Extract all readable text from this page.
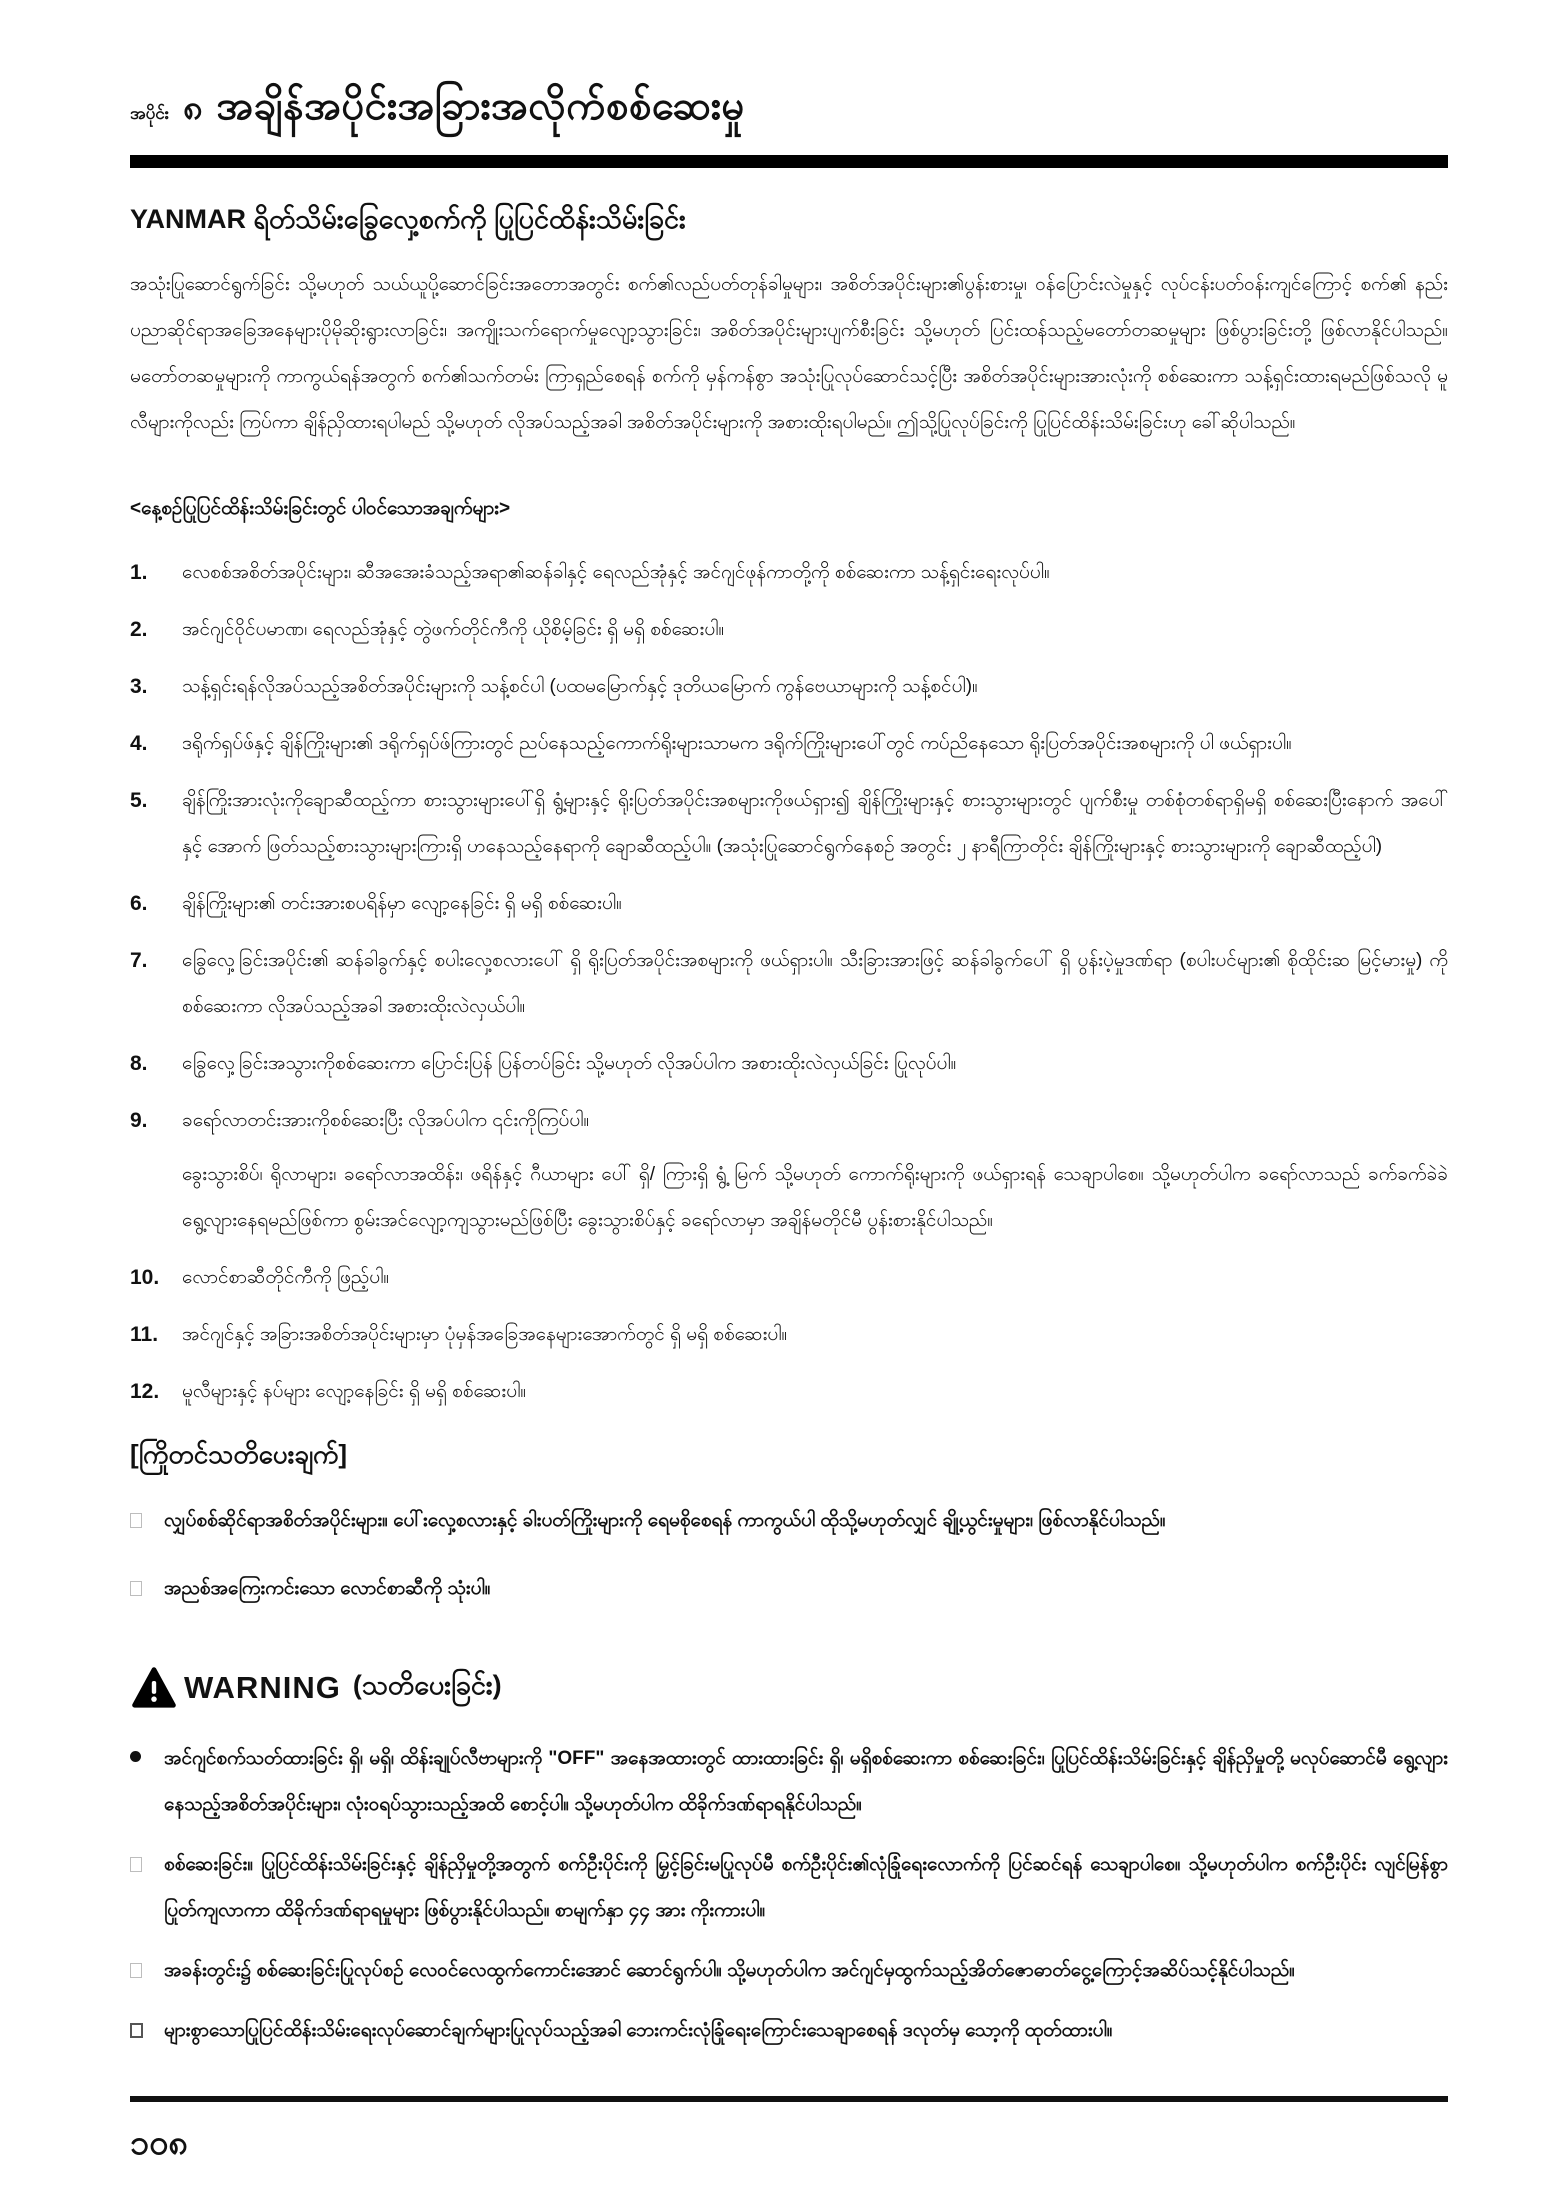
အပိုင်း ၈ အချိန်အပိုင်းအခြားအလိုက်စစ်ဆေးမှု
YANMAR ရိတ်သိမ်းခြွေလှေ့စက်ကို ပြုပြင်ထိန်းသိမ်းခြင်း

အသုံးပြုဆောင်ရွက်ခြင်း သို့မဟုတ် သယ်ယူပို့ဆောင်ခြင်းအတောအတွင်း စက်၏လည်ပတ်တုန်ခါမှုများ၊ အစိတ်အပိုင်းများ၏ပွန်းစားမှု၊ ဝန်ပြောင်းလဲမှုနှင့် လုပ်ငန်းပတ်ဝန်းကျင်ကြောင့် စက်၏ နည်းပညာဆိုင်ရာအခြေအနေများပိုမိုဆိုးရွားလာခြင်း၊ အကျိုးသက်ရောက်မှုလျော့သွားခြင်း၊ အစိတ်အပိုင်းများပျက်စီးခြင်း သို့မဟုတ် ပြင်းထန်သည့်မတော်တဆမှုများ ဖြစ်ပွားခြင်းတို့ ဖြစ်လာနိုင်ပါသည်။ မတော်တဆမှုများကို ကာကွယ်ရန်အတွက် စက်၏သက်တမ်း ကြာရှည်စေရန် စက်ကို မှန်ကန်စွာ အသုံးပြုလုပ်ဆောင်သင့်ပြီး အစိတ်အပိုင်းများအားလုံးကို စစ်ဆေးကာ သန့်ရှင်းထားရမည်ဖြစ်သလို မူလီများကိုလည်း ကြပ်ကာ ချိန်ညှိထားရပါမည် သို့မဟုတ် လိုအပ်သည့်အခါ အစိတ်အပိုင်းများကို အစားထိုးရပါမည်။ ဤသို့ပြုလုပ်ခြင်းကို ပြုပြင်ထိန်းသိမ်းခြင်းဟု ခေါ်ဆိုပါသည်။

<နေ့စဉ်ပြုပြင်ထိန်းသိမ်းခြင်းတွင် ပါဝင်သောအချက်များ>
1.	လေစစ်အစိတ်အပိုင်းများ၊ ဆီအအေးခံသည့်အရာ၏ဆန်ခါနှင့် ရေလည်အုံနှင့် အင်ဂျင်ဖုန်ကာတို့ကို စစ်ဆေးကာ သန့်ရှင်းရေးလုပ်ပါ။
2.	အင်ဂျင်ဝိုင်ပမာဏ၊ ရေလည်အုံနှင့် တွဲဖက်တိုင်ကီကို ယိုစိမ့်ခြင်း ရှိ မရှိ စစ်ဆေးပါ။
3.	သန့်ရှင်းရန်လိုအပ်သည့်အစိတ်အပိုင်းများကို သန့်စင်ပါ (ပထမမြောက်နှင့် ဒုတိယမြောက် ကွန်ဗေယာများကို သန့်စင်ပါ)။
4.	ဒရိုက်ရှပ်ဖ်နှင့် ချိန်ကြိုးများ၏ ဒရိုက်ရှပ်ဖ်ကြားတွင် ညပ်နေသည့်ကောက်ရိုးများသာမက ဒရိုက်ကြိုးများပေါ်တွင် ကပ်ညိနေသော ရိုးပြတ်အပိုင်းအစများကို ပါ ဖယ်ရှားပါ။
5.	ချိန်ကြိုးအားလုံးကိုချောဆီထည့်ကာ စားသွားများပေါ်ရှိ ရွံ့များနှင့် ရိုးပြတ်အပိုင်းအစများကိုဖယ်ရှား၍ ချိန်ကြိုးများနှင့် စားသွားများတွင် ပျက်စီးမှု တစ်စုံတစ်ရာရှိမရှိ စစ်ဆေးပြီးနောက် အပေါ်နှင့် အောက် ဖြတ်သည့်စားသွားများကြားရှိ ဟနေသည့်နေရာကို ချောဆီထည့်ပါ။ (အသုံးပြုဆောင်ရွက်နေစဉ် အတွင်း ၂ နာရီကြာတိုင်း ချိန်ကြိုးများနှင့် စားသွားများကို ချောဆီထည့်ပါ)
6.	ချိန်ကြိုးများ၏ တင်းအားစပရိန်မှာ လျော့နေခြင်း ရှိ မရှိ စစ်ဆေးပါ။
7.	ခြွေလှေ့ခြင်းအပိုင်း၏ ဆန်ခါခွက်နှင့် စပါးလှေ့စလားပေါ် ရှိ ရိုးပြတ်အပိုင်းအစများကို ဖယ်ရှားပါ။ သီးခြားအားဖြင့် ဆန်ခါခွက်ပေါ် ရှိ ပွန်းပဲ့မှုဒဏ်ရာ (စပါးပင်များ၏ စိုထိုင်းဆ မြင့်မားမှု) ကိုစစ်ဆေးကာ လိုအပ်သည့်အခါ အစားထိုးလဲလှယ်ပါ။
8.	ခြွေလှေ့ခြင်းအသွားကိုစစ်ဆေးကာ ပြောင်းပြန် ပြန်တပ်ခြင်း သို့မဟုတ် လိုအပ်ပါက အစားထိုးလဲလှယ်ခြင်း ပြုလုပ်ပါ။
9.	ခရော်လာတင်းအားကိုစစ်ဆေးပြီး လိုအပ်ပါက ၎င်းကိုကြပ်ပါ။
ခွေးသွားစိပ်၊ ရိုလာများ၊ ခရော်လာအထိန်း၊ ဖရိန်နှင့် ဂီယာများ ပေါ် ရှိ/ ကြားရှိ ရွံ့ မြက် သို့မဟုတ် ကောက်ရိုးများကို ဖယ်ရှားရန် သေချာပါစေ။ သို့မဟုတ်ပါက ခရော်လာသည် ခက်ခက်ခဲခဲရွေ့လျားနေရမည်ဖြစ်ကာ စွမ်းအင်လျော့ကျသွားမည်ဖြစ်ပြီး ခွေးသွားစိပ်နှင့် ခရော်လာမှာ အချိန်မတိုင်မီ ပွန်းစားနိုင်ပါသည်။
10.	လောင်စာဆီတိုင်ကီကို ဖြည့်ပါ။
11.	အင်ဂျင်နှင့် အခြားအစိတ်အပိုင်းများမှာ ပုံမှန်အခြေအနေများအောက်တွင် ရှိ မရှိ စစ်ဆေးပါ။
12.	မူလီများနှင့် နပ်များ လျော့နေခြင်း ရှိ မရှိ စစ်ဆေးပါ။
[ကြိုတင်သတိပေးချက်]
လျှပ်စစ်ဆိုင်ရာအစိတ်အပိုင်းများ။ ပေါ်းလှေ့စလားနှင့် ခါးပတ်ကြိုးများကို ရေမစိုစေရန် ကာကွယ်ပါ ထိုသို့မဟုတ်လျှင် ချို့ယွင်းမှုများ၊ ဖြစ်လာနိုင်ပါသည်။
အညစ်အကြေးကင်းသော လောင်စာဆီကို သုံးပါ။
WARNING (သတိပေးခြင်း)
အင်ဂျင်စက်သတ်ထားခြင်း ရှိ၊ မရှိ၊ ထိန်းချုပ်လီဗာများကို "OFF" အနေအထားတွင် ထားထားခြင်း ရှိ၊ မရှိစစ်ဆေးကာ စစ်ဆေးခြင်း၊ ပြုပြင်ထိန်းသိမ်းခြင်းနှင့် ချိန်ညှိမှုတို့ မလုပ်ဆောင်မီ ရွေ့လျားနေသည့်အစိတ်အပိုင်းများ၊ လုံးဝရပ်သွားသည့်အထိ စောင့်ပါ။ သို့မဟုတ်ပါက ထိခိုက်ဒဏ်ရာရနိုင်ပါသည်။
စစ်ဆေးခြင်း။ ပြုပြင်ထိန်းသိမ်းခြင်းနှင့် ချိန်ညှိမှုတို့အတွက် စက်ဦးပိုင်းကို မြှင့်ခြင်းမပြုလုပ်မီ စက်ဦးပိုင်း၏လုံခြုံရေးလောက်ကို ပြင်ဆင်ရန် သေချာပါစေ။ သို့မဟုတ်ပါက စက်ဦးပိုင်း လျင်မြန်စွာပြုတ်ကျလာကာ ထိခိုက်ဒဏ်ရာရမှုများ ဖြစ်ပွားနိုင်ပါသည်။ စာမျက်နှာ ၄၄ အား ကိုးကားပါ။
အခန်းတွင်း၌ စစ်ဆေးခြင်းပြုလုပ်စဉ် လေဝင်လေထွက်ကောင်းအောင် ဆောင်ရွက်ပါ။ သို့မဟုတ်ပါက အင်ဂျင်မှထွက်သည့်အိတ်ဇောဓာတ်ငွေ့ကြောင့်အဆိပ်သင့်နိုင်ပါသည်။
များစွာသောပြုပြင်ထိန်းသိမ်းရေးလုပ်ဆောင်ချက်များပြုလုပ်သည့်အခါ ဘေးကင်းလုံခြုံရေးကြောင်းသေချာစေရန် ဒလုတ်မှ သော့ကို ထုတ်ထားပါ။
၁၀၈
